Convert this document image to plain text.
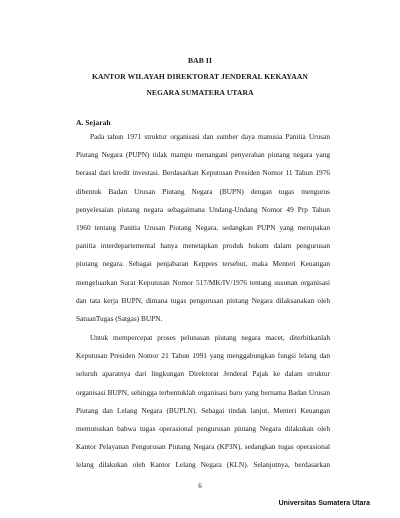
BAB II
KANTOR WILAYAH DIREKTORAT JENDERAL KEKAYAAN
NEGARA SUMATERA UTARA
A. Sejarah
Pada tahun 1971 struktur organisasi dan sumber daya manusia Panitia Urusan
Piutang Negara (PUPN) tidak mampu menangani penyerahan piutang negara yang
berasal dari kredit investasi. Berdasarkan Keputusan Presiden Nomor 11 Tahun 1976
dibentuk Badan Urusan Piutang Negara (BUPN) dengan tugas mengurus
penyelesaian piutang negara sebagaimana Undang-Undang Nomor 49 Prp Tahun
1960 tentang Panitia Urusan Piutang Negara, sedangkan PUPN yang merupakan
panitia interdepartemental hanya menetapkan produk hukum dalam pengurusan
piutang negara. Sebagai penjabaran Keppres tersebut, maka Menteri Keuangan
mengeluarkan Surat Keputusan Nomor 517/MK/IV/1976 tentang susunan organisasi
dan tata kerja BUPN, dimana tugas pengurusan piutang Negara dilaksanakan oleh
SatuanTugas (Satgas) BUPN.
Untuk mempercepat proses pelunasan piutang negara macet, diterbitkanlah
Keputusan Presiden Nomor 21 Tahun 1991 yang menggabungkan fungsi lelang dan
seluruh aparatnya dari lingkungan Direktorat Jenderal Pajak ke dalam struktur
organisasi BUPN, sehingga terbentuklah organisasi baru yang bernama Badan Urusan
Piutang dan Lelang Negara (BUPLN). Sebagai tindak lanjut, Menteri Keuangan
memutuskan bahwa tugas operasional pengurusan piutang Negara dilakukan oleh
Kantor Pelayanan Pengurusan Piutang Negara (KP3N), sedangkan tugas operasional
lelang dilakukan oleh Kantor Lelang Negara (KLN). Selanjutnya, berdasarkan
6
Universitas Sumatera Utara
